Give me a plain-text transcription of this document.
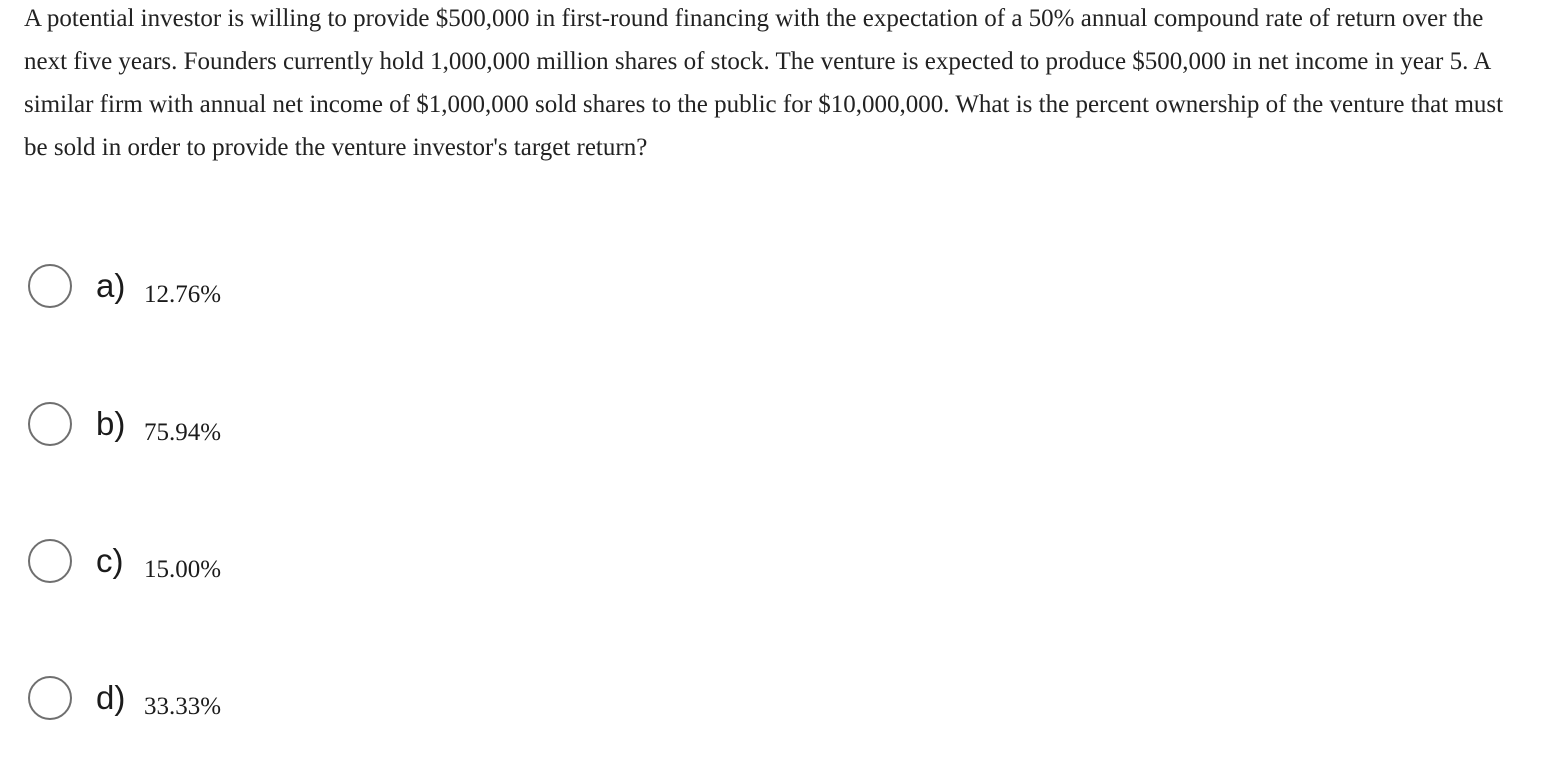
A potential investor is willing to provide $500,000 in first-round financing with the expectation of a 50% annual compound rate of return over the next five years. Founders currently hold 1,000,000 million shares of stock. The venture is expected to produce $500,000 in net income in year 5. A similar firm with annual net income of $1,000,000 sold shares to the public for $10,000,000. What is the percent ownership of the venture that must be sold in order to provide the venture investor's target return?

a) 12.76%
b) 75.94%
c) 15.00%
d) 33.33%
